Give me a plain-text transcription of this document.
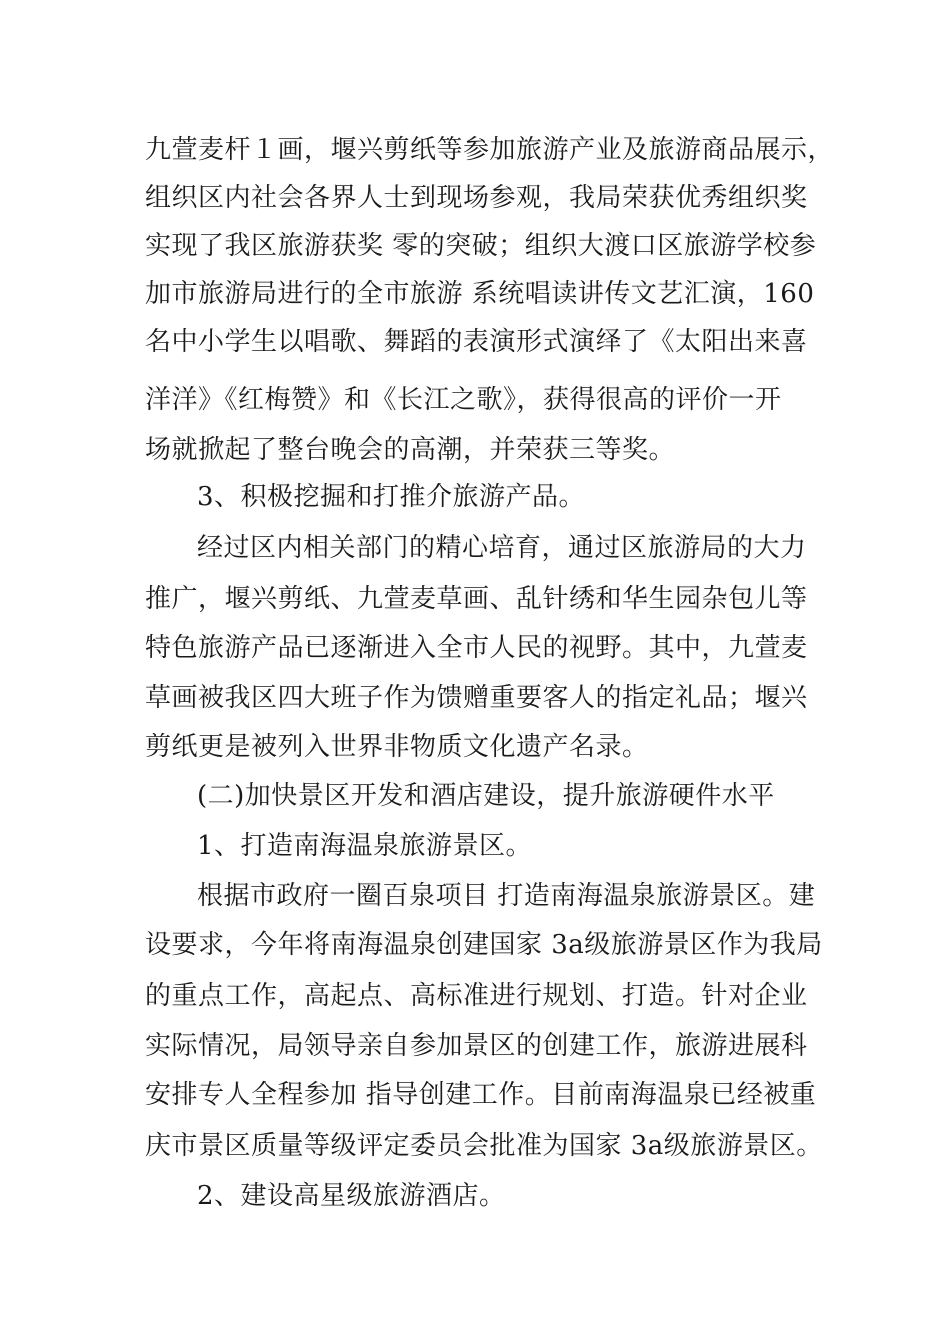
九萱麦杆１画，堰兴剪纸等参加旅游产业及旅游商品展示，
组织区内社会各界人士到现场参观，我局荣获优秀组织奖
实现了我区旅游获奖 零的突破；组织大渡口区旅游学校参
加市旅游局进行的全市旅游 系统唱读讲传文艺汇演，160
名中小学生以唱歌、舞蹈的表演形式演绎了《太阳出来喜
洋洋》《红梅赞》和《长江之歌》，获得很高的评价一开
场就掀起了整台晚会的高潮，并荣获三等奖。
3、积极挖掘和打推介旅游产品。
经过区内相关部门的精心培育，通过区旅游局的大力
推广，堰兴剪纸、九萱麦草画、乱针绣和华生园杂包儿等
特色旅游产品已逐渐进入全市人民的视野。其中，九萱麦
草画被我区四大班子作为馈赠重要客人的指定礼品；堰兴
剪纸更是被列入世界非物质文化遗产名录。
(二)加快景区开发和酒店建设，提升旅游硬件水平
1、打造南海温泉旅游景区。
根据市政府一圈百泉项目 打造南海温泉旅游景区。建
设要求，今年将南海温泉创建国家 3a级旅游景区作为我局
的重点工作，高起点、高标准进行规划、打造。针对企业
实际情况，局领导亲自参加景区的创建工作，旅游进展科
安排专人全程参加 指导创建工作。目前南海温泉已经被重
庆市景区质量等级评定委员会批准为国家 3a级旅游景区。
2、建设高星级旅游酒店。
